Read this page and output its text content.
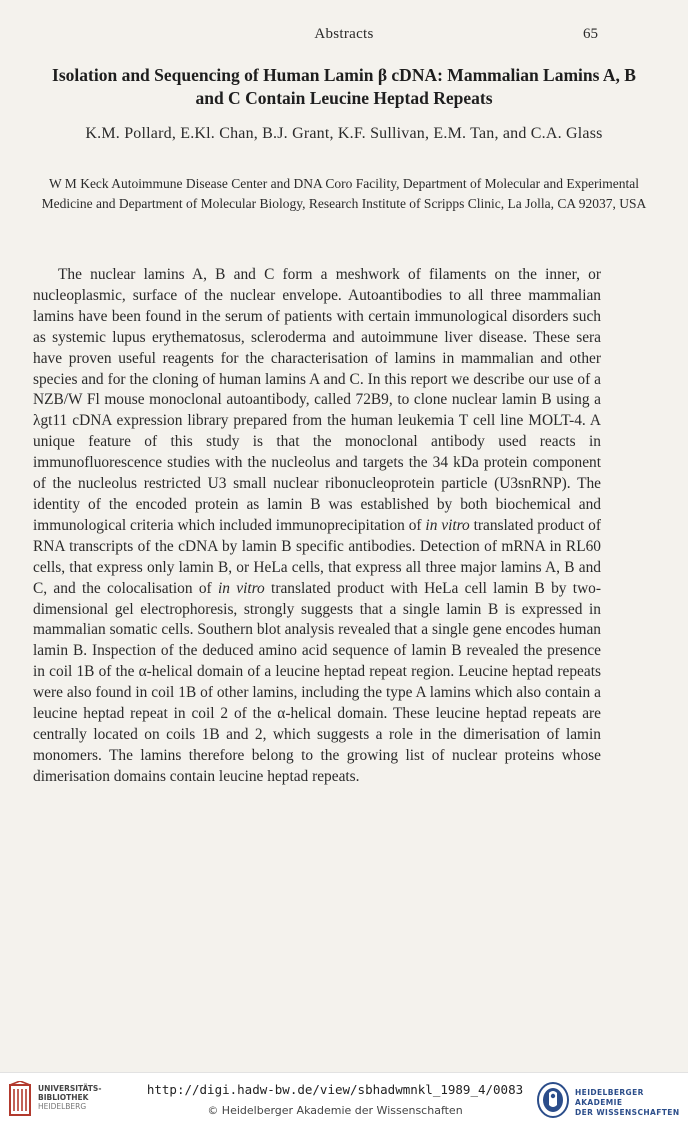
Abstracts	65
Isolation and Sequencing of Human Lamin β cDNA: Mammalian Lamins A, B and C Contain Leucine Heptad Repeats
K.M. Pollard, E.Kl. Chan, B.J. Grant, K.F. Sullivan, E.M. Tan, and C.A. Glass
W M Keck Autoimmune Disease Center and DNA Coro Facility, Department of Molecular and Experimental Medicine and Department of Molecular Biology, Research Institute of Scripps Clinic, La Jolla, CA 92037, USA

The nuclear lamins A, B and C form a meshwork of filaments on the inner, or nucleoplasmic, surface of the nuclear envelope. Autoantibodies to all three mammalian lamins have been found in the serum of patients with certain immunological disorders such as systemic lupus erythematosus, scleroderma and autoimmune liver disease. These sera have proven useful reagents for the characterisation of lamins in mammalian and other species and for the cloning of human lamins A and C. In this report we describe our use of a NZB/W Fl mouse monoclonal autoantibody, called 72B9, to clone nuclear lamin B using a λgt11 cDNA expression library prepared from the human leukemia T cell line MOLT-4. A unique feature of this study is that the monoclonal antibody used reacts in immunofluorescence studies with the nucleolus and targets the 34 kDa protein component of the nucleolus restricted U3 small nuclear ribonucleoprotein particle (U3snRNP). The identity of the encoded protein as lamin B was established by both biochemical and immunological criteria which included immunoprecipitation of in vitro translated product of RNA transcripts of the cDNA by lamin B specific antibodies. Detection of mRNA in RL60 cells, that express only lamin B, or HeLa cells, that express all three major lamins A, B and C, and the colocalisation of in vitro translated product with HeLa cell lamin B by two-dimensional gel electrophoresis, strongly suggests that a single lamin B is expressed in mammalian somatic cells. Southern blot analysis revealed that a single gene encodes human lamin B. Inspection of the deduced amino acid sequence of lamin B revealed the presence in coil 1B of the α-helical domain of a leucine heptad repeat region. Leucine heptad repeats were also found in coil 1B of other lamins, including the type A lamins which also contain a leucine heptad repeat in coil 2 of the α-helical domain. These leucine heptad repeats are centrally located on coils 1B and 2, which suggests a role in the dimerisation of lamin monomers. The lamins therefore belong to the growing list of nuclear proteins whose dimerisation domains contain leucine heptad repeats.

UNIVERSITÄTS-
BIBLIOTHEK
HEIDELBERG
http://digi.hadw-bw.de/view/sbhadwmnkl_1989_4/0083
© Heidelberger Akademie der Wissenschaften
HEIDELBERGER AKADEMIE
DER WISSENSCHAFTEN
